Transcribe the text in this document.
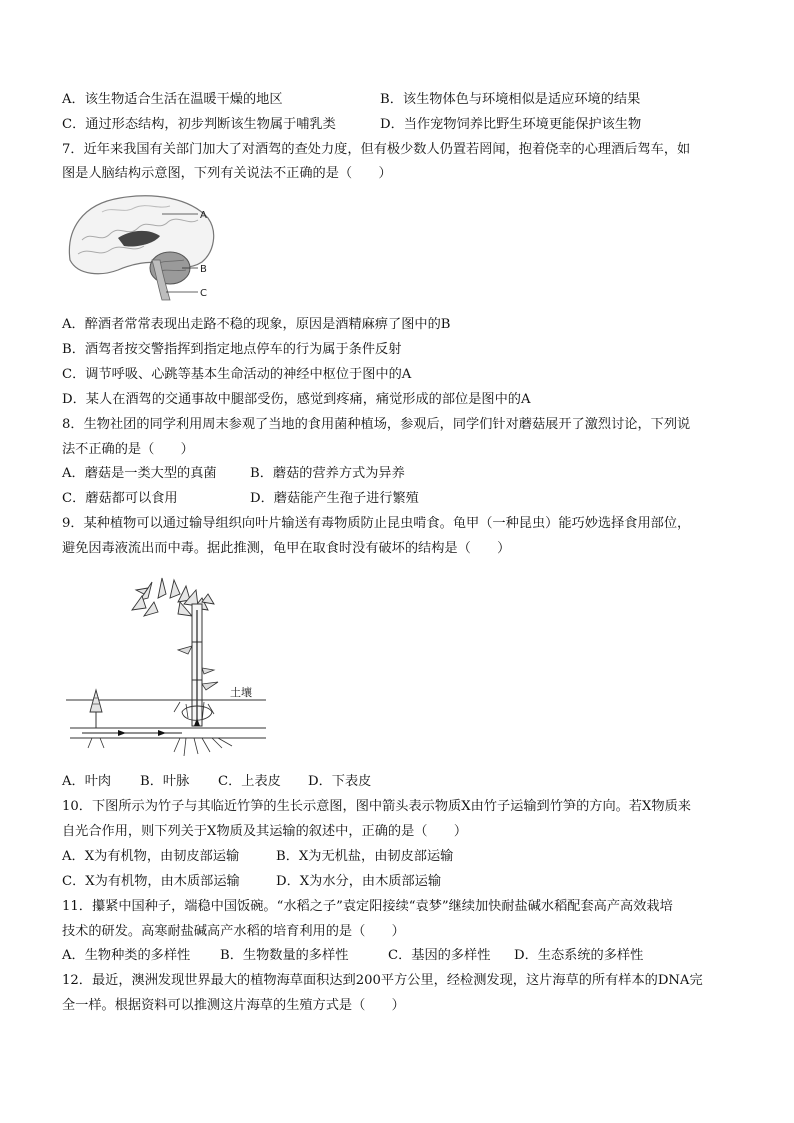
A．该生物适合生活在温暖干燥的地区	B．该生物体色与环境相似是适应环境的结果
C．通过形态结构，初步判断该生物属于哺乳类	D．当作宠物饲养比野生环境更能保护该生物
7．近年来我国有关部门加大了对酒驾的查处力度，但有极少数人仍置若罔闻，抱着侥幸的心理酒后驾车，如
图是人脑结构示意图，下列有关说法不正确的是（　　）
A
B
C
A．醉酒者常常表现出走路不稳的现象，原因是酒精麻痹了图中的B
B．酒驾者按交警指挥到指定地点停车的行为属于条件反射
C．调节呼吸、心跳等基本生命活动的神经中枢位于图中的A
D．某人在酒驾的交通事故中腿部受伤，感觉到疼痛，痛觉形成的部位是图中的A
8．生物社团的同学利用周末参观了当地的食用菌种植场，参观后，同学们针对蘑菇展开了激烈讨论，下列说
法不正确的是（　　）
A．蘑菇是一类大型的真菌	B．蘑菇的营养方式为异养
C．蘑菇都可以食用	D．蘑菇能产生孢子进行繁殖
9．某种植物可以通过输导组织向叶片输送有毒物质防止昆虫啃食。龟甲（一种昆虫）能巧妙选择食用部位，
避免因毒液流出而中毒。据此推测，龟甲在取食时没有破坏的结构是（　　）
土壤
A．叶肉 B．叶脉 C．上表皮 D．下表皮
10．下图所示为竹子与其临近竹笋的生长示意图，图中箭头表示物质X由竹子运输到竹笋的方向。若X物质来
自光合作用，则下列关于X物质及其运输的叙述中，正确的是（　　）
A．X为有机物，由韧皮部运输	B．X为无机盐，由韧皮部运输
C．X为有机物，由木质部运输	D．X为水分，由木质部运输
11．攥紧中国种子，端稳中国饭碗。“水稻之子”袁定阳接续“袁梦”继续加快耐盐碱水稻配套高产高效栽培
技术的研发。高寒耐盐碱高产水稻的培育利用的是（　　）
A．生物种类的多样性 B．生物数量的多样性	C．基因的多样性 D．生态系统的多样性
12．最近，澳洲发现世界最大的植物海草面积达到200平方公里，经检测发现，这片海草的所有样本的DNA完
全一样。根据资料可以推测这片海草的生殖方式是（　　）
